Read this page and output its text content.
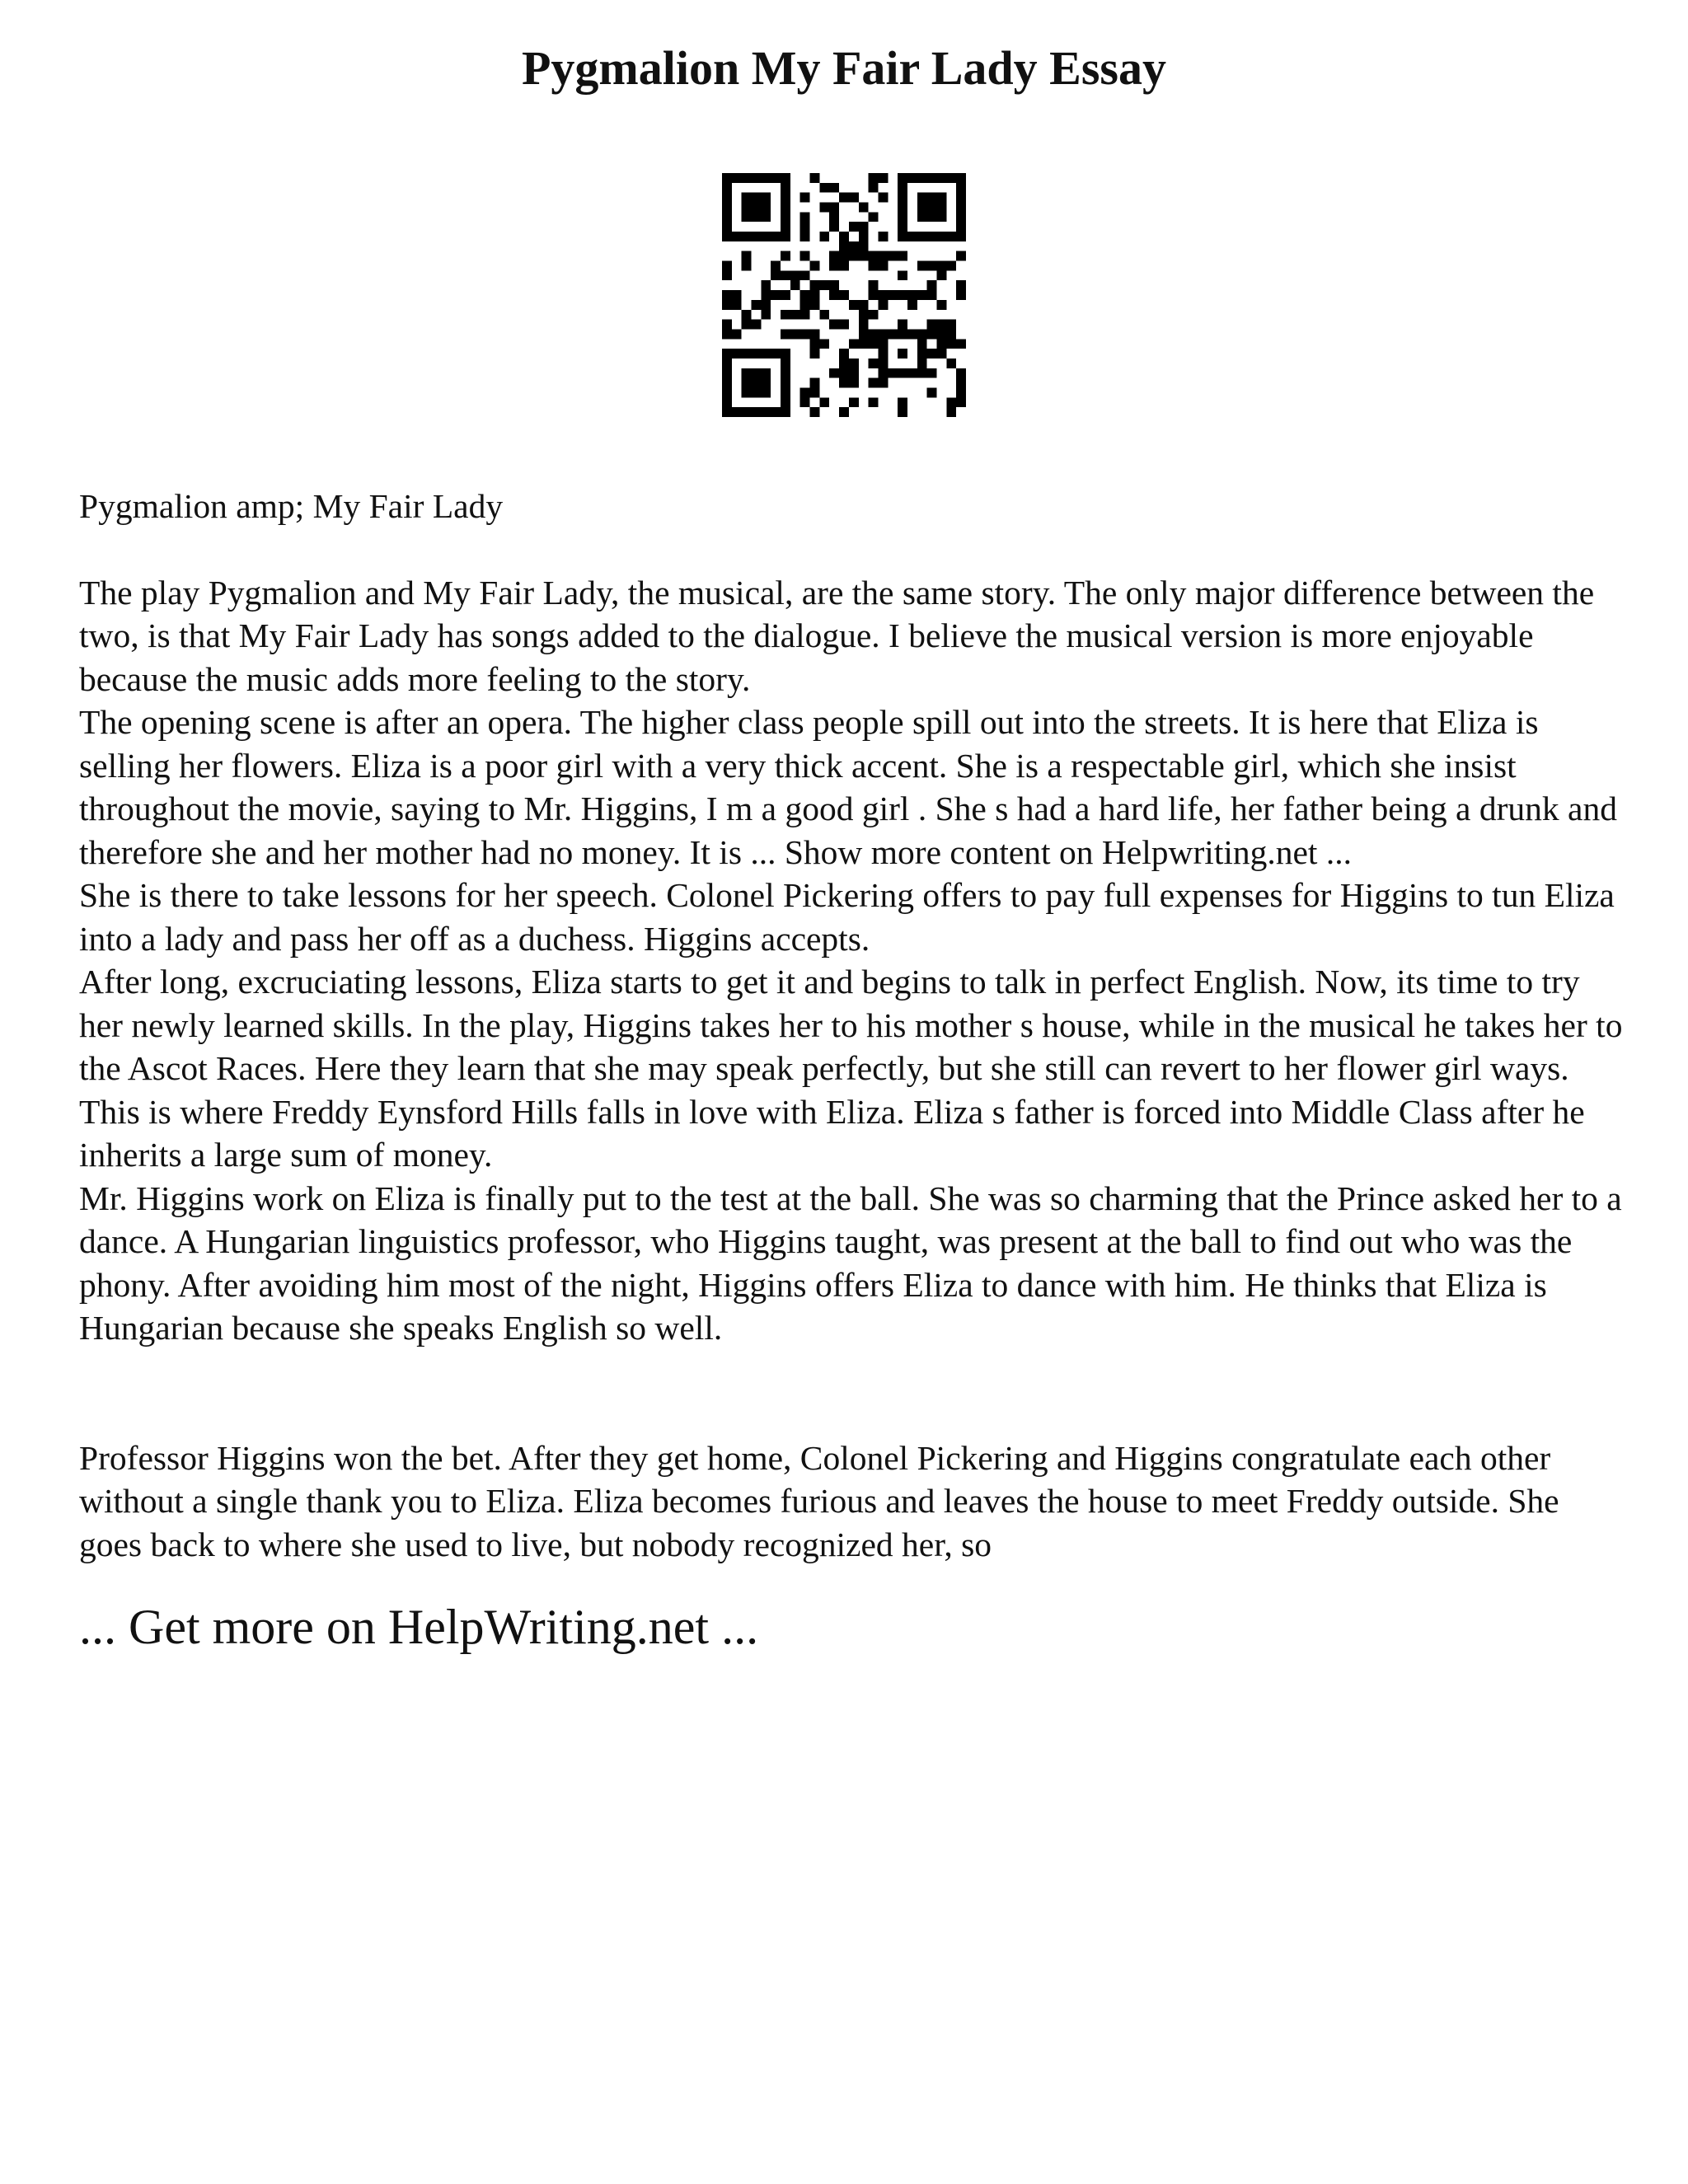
Pygmalion My Fair Lady Essay

Pygmalion amp; My Fair Lady

The play Pygmalion and My Fair Lady, the musical, are the same story. The only major difference between the two, is that My Fair Lady has songs added to the dialogue. I believe the musical version is more enjoyable because the music adds more feeling to the story.

The opening scene is after an opera. The higher class people spill out into the streets. It is here that Eliza is selling her flowers. Eliza is a poor girl with a very thick accent. She is a respectable girl, which she insist throughout the movie, saying to Mr. Higgins, I m a good girl . She s had a hard life, her father being a drunk and therefore she and her mother had no money. It is ... Show more content on Helpwriting.net ...

She is there to take lessons for her speech. Colonel Pickering offers to pay full expenses for Higgins to tun Eliza into a lady and pass her off as a duchess. Higgins accepts.

After long, excruciating lessons, Eliza starts to get it and begins to talk in perfect English. Now, its time to try her newly learned skills. In the play, Higgins takes her to his mother s house, while in the musical he takes her to the Ascot Races. Here they learn that she may speak perfectly, but she still can revert to her flower girl ways. This is where Freddy Eynsford Hills falls in love with Eliza. Eliza s father is forced into Middle Class after he inherits a large sum of money.

Mr. Higgins work on Eliza is finally put to the test at the ball. She was so charming that the Prince asked her to a dance. A Hungarian linguistics professor, who Higgins taught, was present at the ball to find out who was the phony. After avoiding him most of the night, Higgins offers Eliza to dance with him. He thinks that Eliza is Hungarian because she speaks English so well.

Professor Higgins won the bet. After they get home, Colonel Pickering and Higgins congratulate each other without a single thank you to Eliza. Eliza becomes furious and leaves the house to meet Freddy outside. She goes back to where she used to live, but nobody recognized her, so

... Get more on HelpWriting.net ...
